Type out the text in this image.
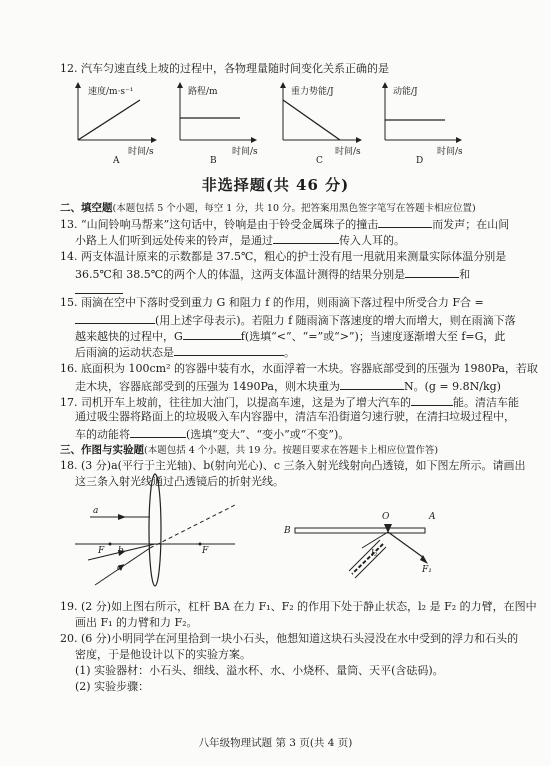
12. 汽车匀速直线上坡的过程中，各物理量随时间变化关系正确的是
速度/m·s⁻¹
时间/s
A
路程/m
时间/s
B
重力势能/J
时间/s
C
动能/J
时间/s
D
非选择题(共 46 分)
二、填空题(本题包括 5 个小题，每空 1 分，共 10 分。把答案用黑色签字笔写在答题卡相应位置)
13. “山间铃响马帮来”这句话中，铃响是由于铃受金属珠子的撞击	而发声；在山间
小路上人们听到远处传来的铃声，是通过	传入人耳的。
14. 两支体温计原来的示数都是 37.5℃，粗心的护士没有甩一甩就用来测量实际体温分别是
36.5℃和 38.5℃的两个人的体温，这两支体温计测得的结果分别是	和
15. 雨滴在空中下落时受到重力 G 和阻力 f 的作用，则雨滴下落过程中所受合力 F合 =
(用上述字母表示)。若阻力 f 随雨滴下落速度的增大而增大，则在雨滴下落
越来越快的过程中，G	f(选填“<”、“=”或“>”)；当速度逐渐增大至 f=G，此
后雨滴的运动状态是	。
16. 底面积为 100cm² 的容器中装有水，水面浮着一木块。容器底部受到的压强为 1980Pa，若取
走木块，容器底部受到的压强为 1490Pa，则木块重为	N。(g = 9.8N/kg)
17. 司机开车上坡前，往往加大油门，以提高车速，这是为了增大汽车的	能。清洁车能
通过吸尘器将路面上的垃圾吸入车内容器中，清洁车沿街道匀速行驶，在清扫垃圾过程中，
车的动能将	(选填“变大”、“变小”或“不变”)。
三、作图与实验题(本题包括 4 个小题，共 19 分。按题目要求在答题卡上相应位置作答)
18. (3 分)a(平行于主光轴)、b(射向光心)、c 三条入射光线射向凸透镜，如下图左所示。请画出
这三条入射光线通过凸透镜后的折射光线。
a
b
c
F	F
B
O	A
l₂
F₁
19. (2 分)如上图右所示，杠杆 BA 在力 F₁、F₂ 的作用下处于静止状态，l₂ 是 F₂ 的力臂，在图中
画出 F₁ 的力臂和力 F₂。
20. (6 分)小明同学在河里拾到一块小石头，他想知道这块石头浸没在水中受到的浮力和石头的
密度，于是他设计以下的实验方案。
(1) 实验器材：小石头、细线、溢水杯、水、小烧杯、量筒、天平(含砝码)。
(2) 实验步骤：
八年级物理试题 第 3 页(共 4 页)
